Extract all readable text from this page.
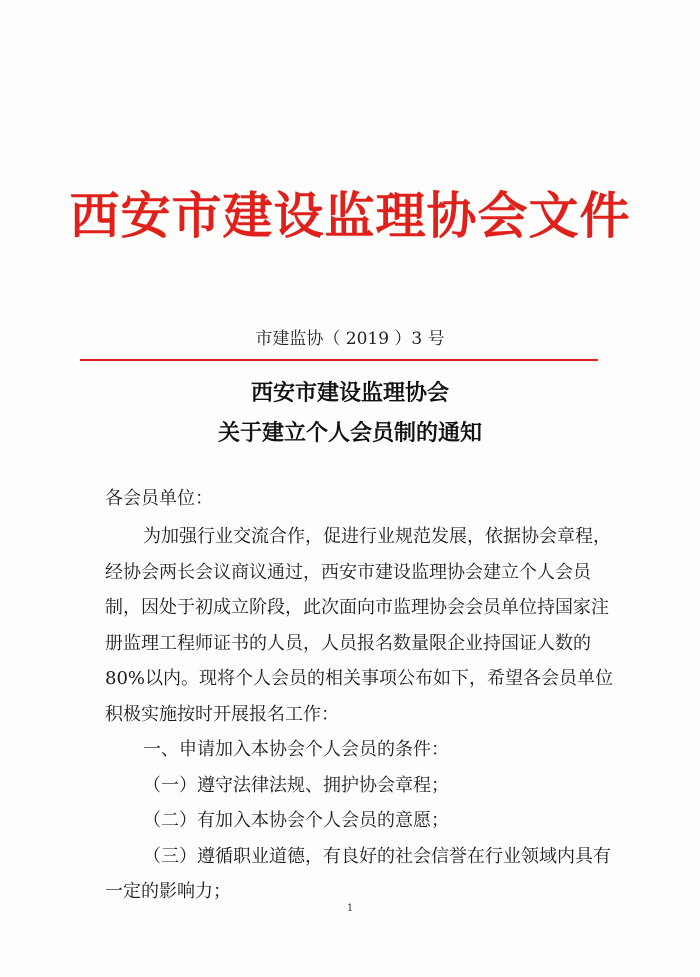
西安市建设监理协会文件
市建监协（ 2019 ）3 号
西安市建设监理协会
关于建立个人会员制的通知
各会员单位：
为加强行业交流合作，促进行业规范发展，依据协会章程，
经协会两长会议商议通过，西安市建设监理协会建立个人会员
制，因处于初成立阶段，此次面向市监理协会会员单位持国家注
册监理工程师证书的人员，人员报名数量限企业持国证人数的
80%以内。现将个人会员的相关事项公布如下，希望各会员单位
积极实施按时开展报名工作：
一、申请加入本协会个人会员的条件：
（一）遵守法律法规、拥护协会章程；
（二）有加入本协会个人会员的意愿；
（三）遵循职业道德，有良好的社会信誉在行业领域内具有
一定的影响力；
1
